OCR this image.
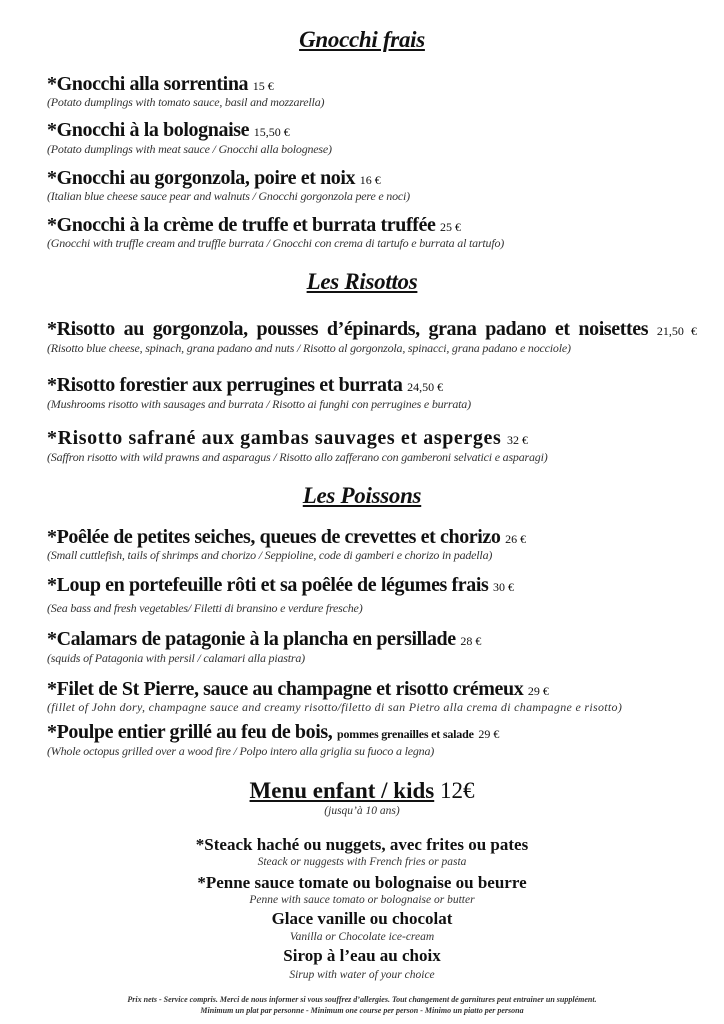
Gnocchi frais
*Gnocchi alla sorrentina 15 €
(Potato dumplings with tomato sauce, basil and mozzarella)
*Gnocchi à la bolognaise 15,50 €
(Potato dumplings with meat sauce / Gnocchi alla bolognese)
*Gnocchi au gorgonzola, poire et noix 16 €
(Italian blue cheese sauce pear and walnuts / Gnocchi gorgonzola pere e noci)
*Gnocchi à la crème de truffe et burrata truffée 25 €
(Gnocchi with truffle cream and truffle burrata / Gnocchi con crema di tartufo e burrata al tartufo)
Les Risottos
*Risotto au gorgonzola, pousses d’épinards, grana padano et noisettes 21,50 €
(Risotto blue cheese, spinach, grana padano and nuts / Risotto al gorgonzola, spinacci, grana padano e nocciole)
*Risotto forestier aux perrugines et burrata 24,50 €
(Mushrooms risotto with sausages and burrata / Risotto ai funghi con perrugines e burrata)
*Risotto safrané aux gambas sauvages et asperges 32 €
(Saffron risotto with wild prawns and asparagus / Risotto allo zafferano con gamberoni selvatici e asparagi)
Les Poissons
*Poêlée de petites seiches, queues de crevettes et chorizo 26 €
(Small cuttlefish, tails of shrimps and chorizo / Seppioline, code di gamberi e chorizo in padella)
*Loup en portefeuille rôti et sa poêlée de légumes frais 30 €
(Sea bass and fresh vegetables/ Filetti di bransino e verdure fresche)
*Calamars de patagonie à la plancha en persillade 28 €
(squids of Patagonia with persil / calamari alla piastra)
*Filet de St Pierre, sauce au champagne et risotto crémeux 29 €
(fillet of John dory, champagne sauce and creamy risotto/filetto di san Pietro alla crema di champagne e risotto)
*Poulpe entier grillé au feu de bois, pommes grenailles et salade 29 €
(Whole octopus grilled over a wood fire / Polpo intero alla griglia su fuoco a legna)
Menu enfant / kids 12€
(jusqu’à 10 ans)
*Steack haché ou nuggets, avec frites ou pates
Steack or nuggests with French fries or pasta
*Penne sauce tomate ou bolognaise ou beurre
Penne with sauce tomato or bolognaise or butter
Glace vanille ou chocolat
Vanilla or Chocolate ice-cream
Sirop à l’eau au choix
Sirup with water of your choice
Prix nets - Service compris. Merci de nous informer si vous souffrez d’allergies. Tout changement de garnitures peut entrainer un supplément.
Minimum un plat par personne - Minimum one course per person - Minimo un piatto per persona
